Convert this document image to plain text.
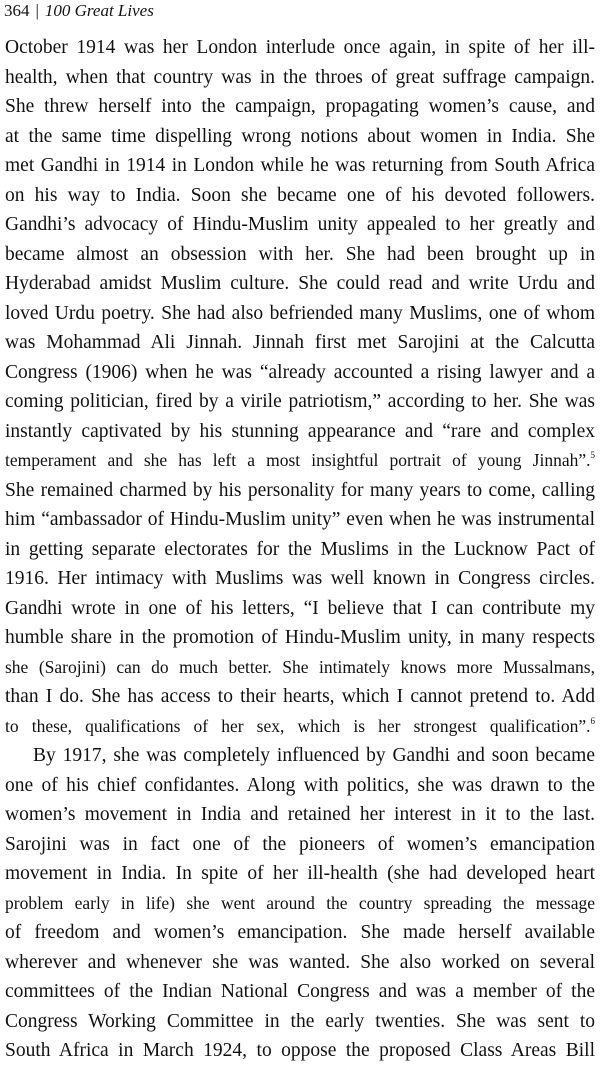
364 | 100 Great Lives
October 1914 was her London interlude once again, in spite of her ill-
health, when that country was in the throes of great suffrage campaign.
She threw herself into the campaign, propagating women’s cause, and
at the same time dispelling wrong notions about women in India. She
met Gandhi in 1914 in London while he was returning from South Africa
on his way to India. Soon she became one of his devoted followers.
Gandhi’s advocacy of Hindu-Muslim unity appealed to her greatly and
became almost an obsession with her. She had been brought up in
Hyderabad amidst Muslim culture. She could read and write Urdu and
loved Urdu poetry. She had also befriended many Muslims, one of whom
was Mohammad Ali Jinnah. Jinnah first met Sarojini at the Calcutta
Congress (1906) when he was “already accounted a rising lawyer and a
coming politician, fired by a virile patriotism,” according to her. She was
instantly captivated by his stunning appearance and “rare and complex
temperament and she has left a most insightful portrait of young Jinnah”.$^5$
She remained charmed by his personality for many years to come, calling
him “ambassador of Hindu-Muslim unity” even when he was instrumental
in getting separate electorates for the Muslims in the Lucknow Pact of
1916. Her intimacy with Muslims was well known in Congress circles.
Gandhi wrote in one of his letters, “I believe that I can contribute my
humble share in the promotion of Hindu-Muslim unity, in many respects
she (Sarojini) can do much better. She intimately knows more Mussalmans,
than I do. She has access to their hearts, which I cannot pretend to. Add
to these, qualifications of her sex, which is her strongest qualification”.$^6$
By 1917, she was completely influenced by Gandhi and soon became
one of his chief confidantes. Along with politics, she was drawn to the
women’s movement in India and retained her interest in it to the last.
Sarojini was in fact one of the pioneers of women’s emancipation
movement in India. In spite of her ill-health (she had developed heart
problem early in life) she went around the country spreading the message
of freedom and women’s emancipation. She made herself available
wherever and whenever she was wanted. She also worked on several
committees of the Indian National Congress and was a member of the
Congress Working Committee in the early twenties. She was sent to
South Africa in March 1924, to oppose the proposed Class Areas Bill
